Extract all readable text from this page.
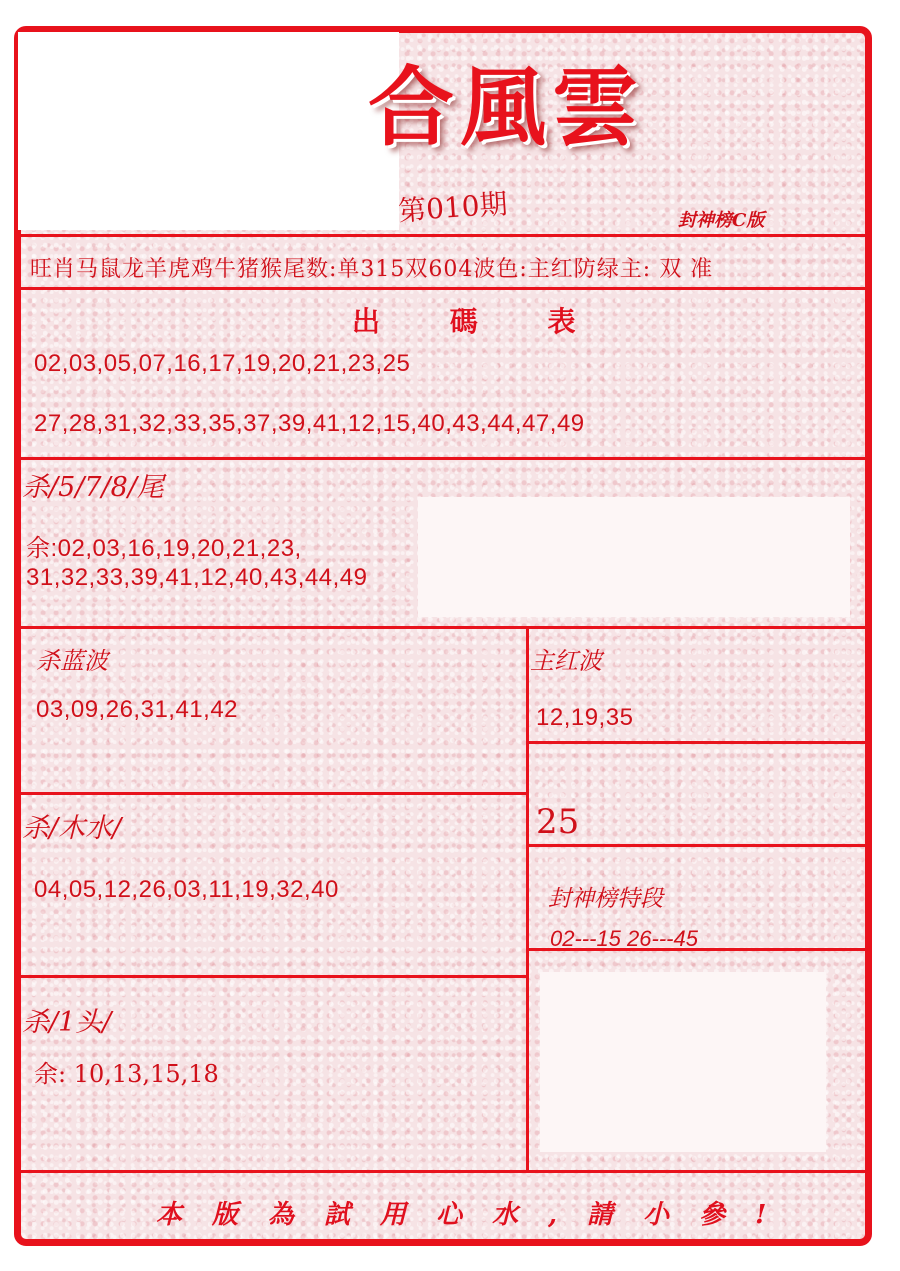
合風雲
第010期	封神榜C版
旺肖马鼠龙羊虎鸡牛猪猴尾数:单315双604波色:主红防绿主: 双 准
出 碼 表
02,03,05,07,16,17,19,20,21,23,25
27,28,31,32,33,35,37,39,41,12,15,40,43,44,47,49
杀/5/7/8/尾
余:02,03,16,19,20,21,23,
31,32,33,39,41,12,40,43,44,49
杀蓝波
03,09,26,31,41,42
主红波
12,19,35
25
杀/木水/
04,05,12,26,03,11,19,32,40	封神榜特段
02---15 26---45
杀/1头/
余: 10,13,15,18
本版為試用心水,請小參!
